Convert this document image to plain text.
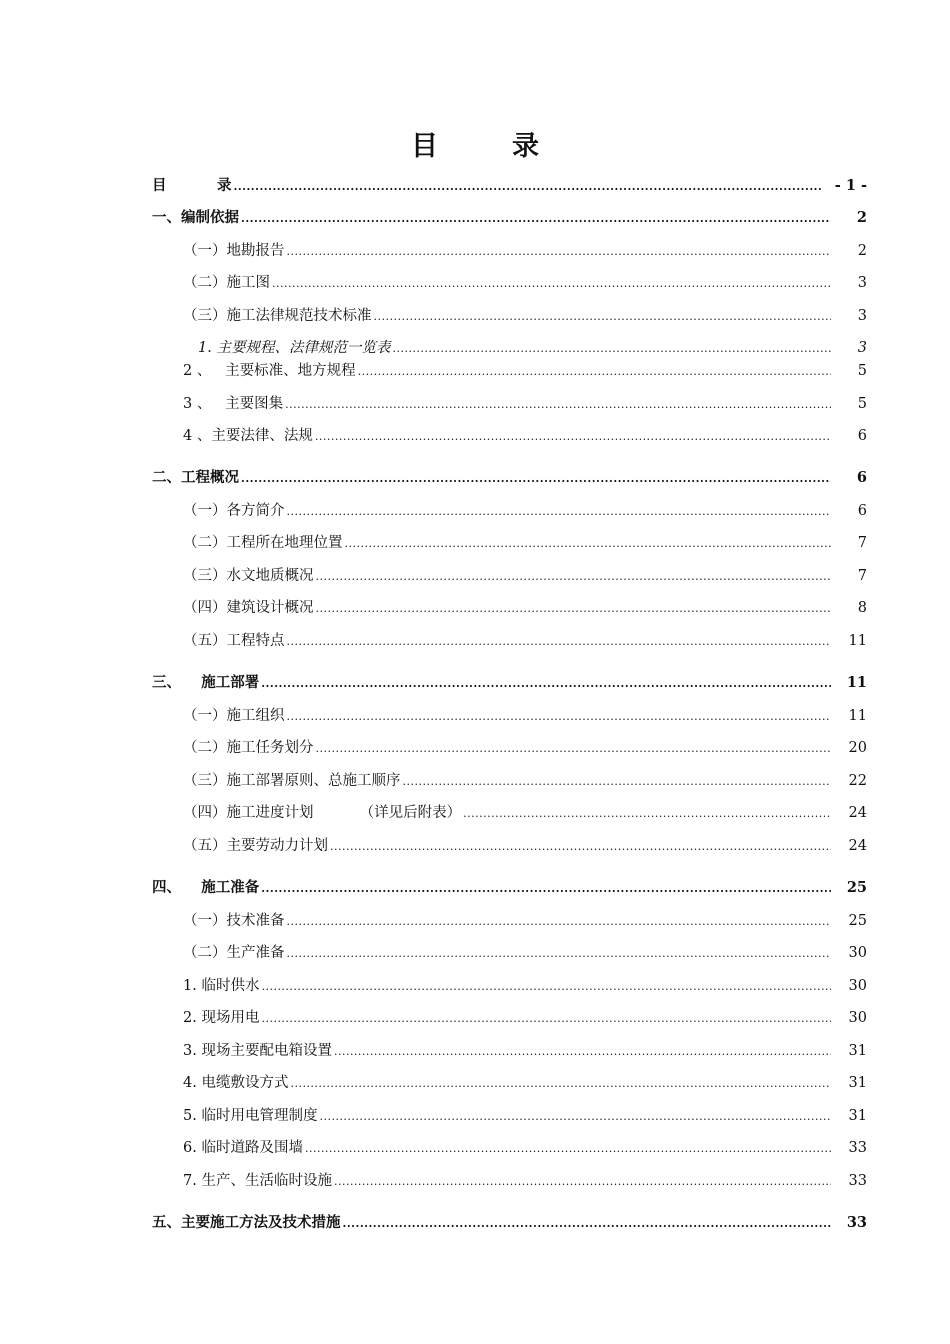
目	录
目          录 .....	- 1 -
一、编制依据 .....	2
（一）地勘报告 .....	2
（二）施工图 .....	3
（三）施工法律规范技术标准 .....	3
1. 主要规程、法律规范一览表 .....	3
2 、   主要标准、地方规程 .....	5
3 、   主要图集 .....	5
4 、主要法律、法规 .....	6
二、工程概况 .....	6
（一）各方简介 .....	6
（二）工程所在地理位置 .....	7
（三）水文地质概况 .....	7
（四）建筑设计概况 .....	8
（五）工程特点 .....	11
三、    施工部署 .....	11
（一）施工组织 .....	11
（二）施工任务划分 .....	20
（三）施工部署原则、总施工顺序 .....	22
（四）施工进度计划          （详见后附表） .....	24
（五）主要劳动力计划 .....	24
四、    施工准备 .....	25
（一）技术准备 .....	25
（二）生产准备 .....	30
1. 临时供水 .....	30
2. 现场用电 .....	30
3. 现场主要配电箱设置 .....	31
4. 电缆敷设方式 .....	31
5. 临时用电管理制度 .....	31
6. 临时道路及围墙 .....	33
7. 生产、生活临时设施 .....	33
五、主要施工方法及技术措施 .....	33
